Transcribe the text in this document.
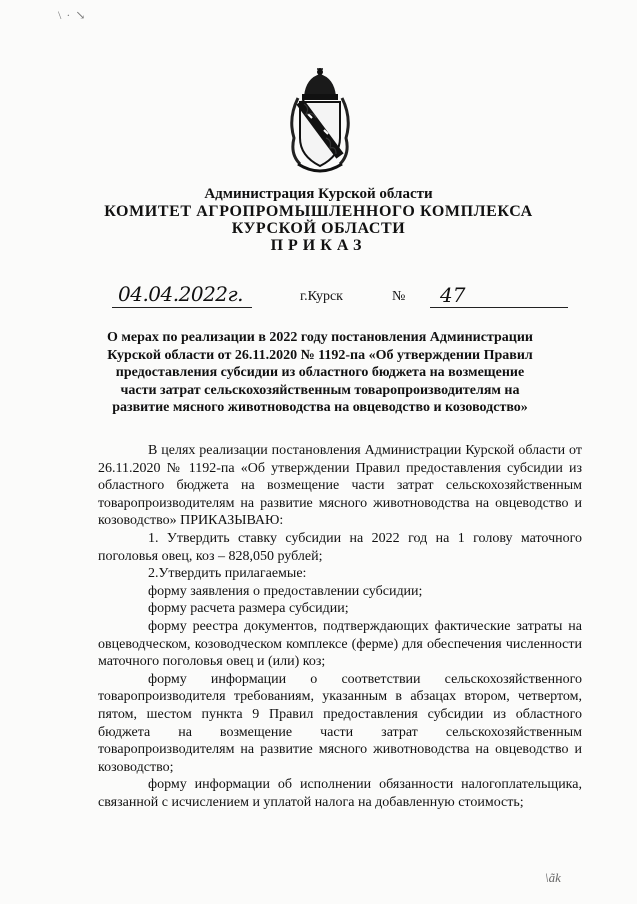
\ · ↘
Администрация Курской области
КОМИТЕТ АГРОПРОМЫШЛЕННОГО КОМПЛЕКСА
КУРСКОЙ ОБЛАСТИ
ПРИКАЗ
04.04.2022г.	г.Курск	№ 47
О мерах по реализации в 2022 году постановления Администрации Курской области от 26.11.2020 № 1192-па «Об утверждении Правил предоставления субсидии из областного бюджета на возмещение части затрат сельскохозяйственным товаропроизводителям на развитие мясного животноводства на овцеводство и козоводство»

В целях реализации постановления Администрации Курской области от 26.11.2020 № 1192-па «Об утверждении Правил предоставления субсидии из областного бюджета на возмещение части затрат сельскохозяйственным товаропроизводителям на развитие мясного животноводства на овцеводство и козоводство» ПРИКАЗЫВАЮ:

1. Утвердить ставку субсидии на 2022 год на 1 голову маточного поголовья овец, коз – 828,050 рублей;

2.Утвердить прилагаемые:

форму заявления о предоставлении субсидии;

форму расчета размера субсидии;

форму реестра документов, подтверждающих фактические затраты на овцеводческом, козоводческом комплексе (ферме) для обеспечения численности маточного поголовья овец и (или) коз;

форму информации о соответствии сельскохозяйственного товаропроизводителя требованиям, указанным в абзацах втором, четвертом, пятом, шестом пункта 9 Правил предоставления субсидии из областного бюджета на возмещение части затрат сельскохозяйственным товаропроизводителям на развитие мясного животноводства на овцеводство и козоводство;

форму информации об исполнении обязанности налогоплательщика, связанной с исчислением и уплатой налога на добавленную стоимость;

\ãk
